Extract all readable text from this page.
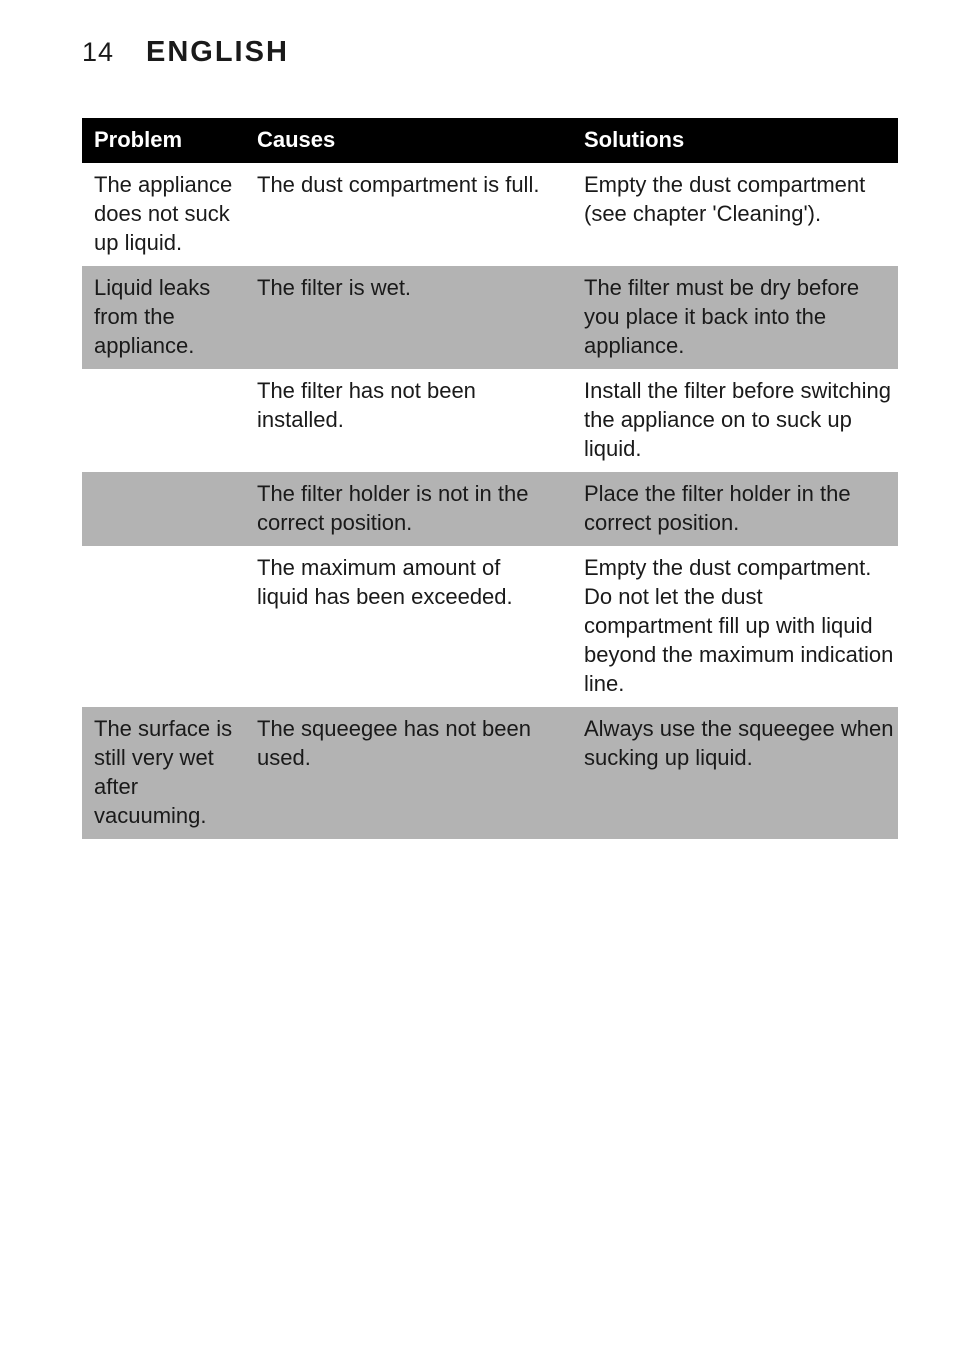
14	ENGLISH
Problem	Causes	Solutions
The appliance does not suck up liquid.	The dust compartment is full.	Empty the dust compartment (see chapter 'Cleaning').
Liquid leaks from the appliance.	The filter is wet.	The filter must be dry before you place it back into the appliance.
	The filter has not been installed.	Install the filter before switching the appliance on to suck up liquid.
	The filter holder is not in the correct position.	Place the filter holder in the correct position.
	The maximum amount of liquid has been exceeded.	Empty the dust compartment. Do not let the dust compartment fill up with liquid beyond the maximum indication line.
The surface is still very wet after vacuuming.	The squeegee has not been used.	Always use the squeegee when sucking up liquid.
